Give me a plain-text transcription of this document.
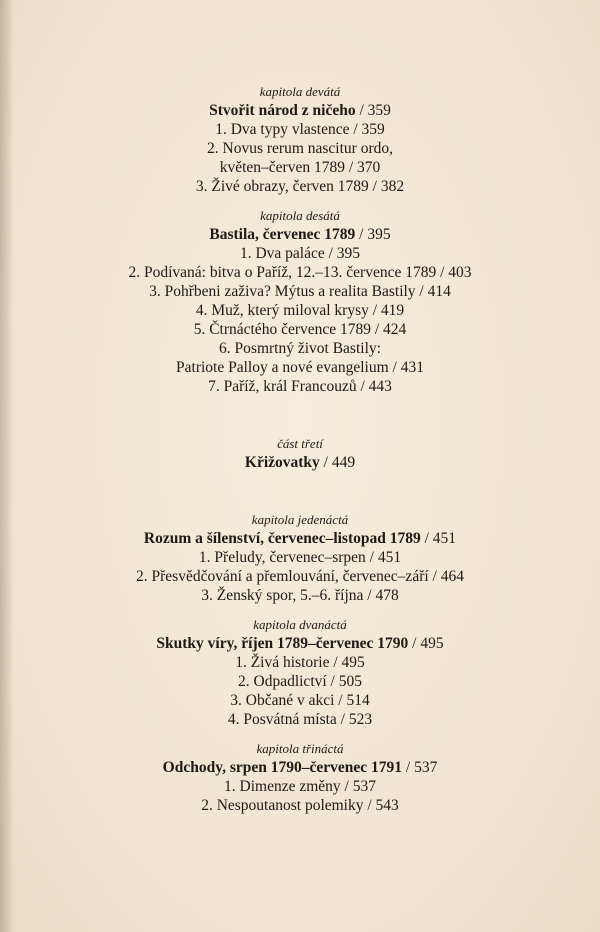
kapitola devátá
Stvořit národ z ničeho / 359
1. Dva typy vlastence / 359
2. Novus rerum nascitur ordo,
květen–červen 1789 / 370
3. Živé obrazy, červen 1789 / 382
kapitola desátá
Bastila, červenec 1789 / 395
1. Dva paláce / 395
2. Podívaná: bitva o Paříž, 12.–13. července 1789 / 403
3. Pohřbeni zaživa? Mýtus a realita Bastily / 414
4. Muž, který miloval krysy / 419
5. Čtrnáctého července 1789 / 424
6. Posmrtný život Bastily:
Patriote Palloy a nové evangelium / 431
7. Paříž, král Francouzů / 443
část třetí
Křižovatky / 449
kapitola jedenáctá
Rozum a šílenství, červenec–listopad 1789 / 451
1. Přeludy, červenec–srpen / 451
2. Přesvědčování a přemlouvání, červenec–září / 464
3. Ženský spor, 5.–6. října / 478
kapitola dvanáctá
Skutky víry, říjen 1789–červenec 1790 / 495
1. Živá historie / 495
2. Odpadlictví / 505
3. Občané v akci / 514
4. Posvátná místa / 523
kapitola třináctá
Odchody, srpen 1790–červenec 1791 / 537
1. Dimenze změny / 537
2. Nespoutanost polemiky / 543
